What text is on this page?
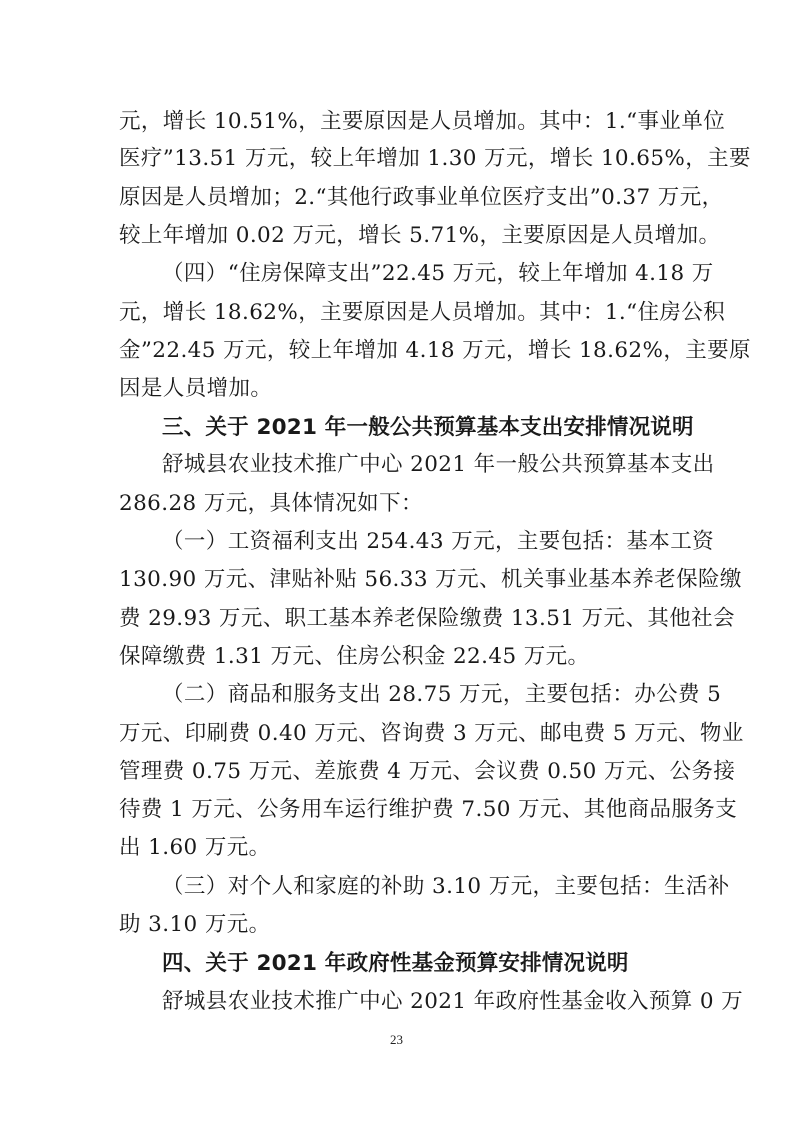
元，增长 10.51%，主要原因是人员增加。其中：1.“事业单位
医疗”13.51 万元，较上年增加 1.30 万元，增长 10.65%，主要
原因是人员增加；2.“其他行政事业单位医疗支出”0.37 万元，
较上年增加 0.02 万元，增长 5.71%，主要原因是人员增加。
（四）“住房保障支出”22.45 万元，较上年增加 4.18 万
元，增长 18.62%，主要原因是人员增加。其中：1.“住房公积
金”22.45 万元，较上年增加 4.18 万元，增长 18.62%，主要原
因是人员增加。
三、关于 2021 年一般公共预算基本支出安排情况说明
舒城县农业技术推广中心 2021 年一般公共预算基本支出
286.28 万元，具体情况如下：
（一）工资福利支出 254.43 万元，主要包括：基本工资
130.90 万元、津贴补贴 56.33 万元、机关事业基本养老保险缴
费 29.93 万元、职工基本养老保险缴费 13.51 万元、其他社会
保障缴费 1.31 万元、住房公积金 22.45 万元。
（二）商品和服务支出 28.75 万元，主要包括：办公费 5
万元、印刷费 0.40 万元、咨询费 3 万元、邮电费 5 万元、物业
管理费 0.75 万元、差旅费 4 万元、会议费 0.50 万元、公务接
待费 1 万元、公务用车运行维护费 7.50 万元、其他商品服务支
出 1.60 万元。
（三）对个人和家庭的补助 3.10 万元，主要包括：生活补
助 3.10 万元。
四、关于 2021 年政府性基金预算安排情况说明
舒城县农业技术推广中心 2021 年政府性基金收入预算 0 万
23
